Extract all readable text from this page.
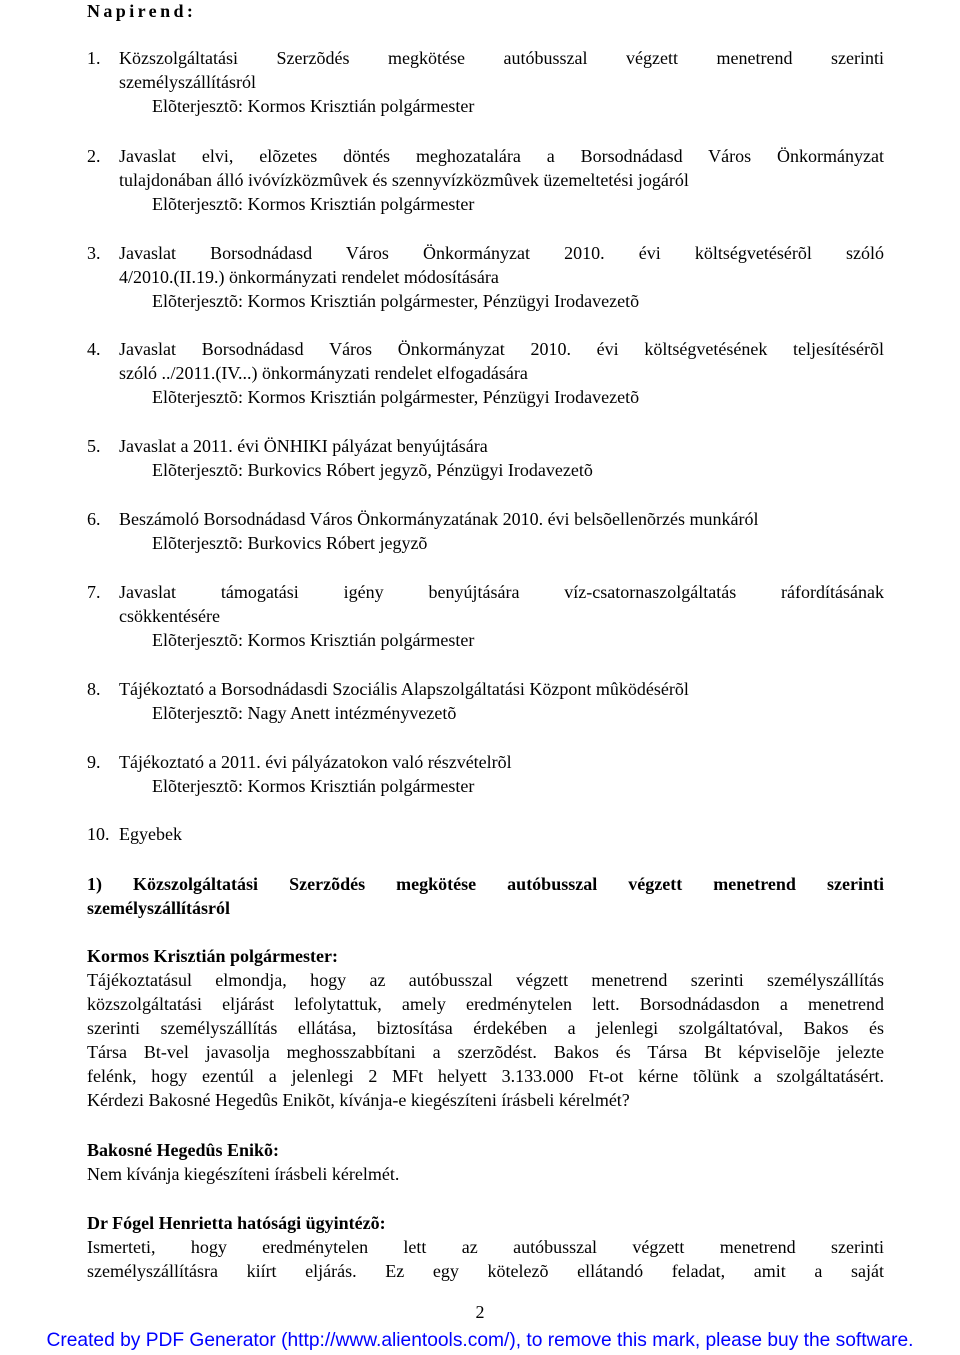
Napirend:
1. Közszolgáltatási Szerzõdés megkötése autóbusszal végzett menetrend szerinti
személyszállításról
Elõterjesztõ: Kormos Krisztián polgármester
2. Javaslat elvi, elõzetes döntés meghozatalára a Borsodnádasd Város Önkormányzat
tulajdonában álló ivóvízközmûvek és szennyvízközmûvek üzemeltetési jogáról
Elõterjesztõ: Kormos Krisztián polgármester
3. Javaslat Borsodnádasd Város Önkormányzat 2010. évi költségvetésérõl szóló
4/2010.(II.19.) önkormányzati rendelet módosítására
Elõterjesztõ: Kormos Krisztián polgármester, Pénzügyi Irodavezetõ
4. Javaslat Borsodnádasd Város Önkormányzat 2010. évi költségvetésének teljesítésérõl
szóló ../2011.(IV...) önkormányzati rendelet elfogadására
Elõterjesztõ: Kormos Krisztián polgármester, Pénzügyi Irodavezetõ
5. Javaslat a 2011. évi ÖNHIKI pályázat benyújtására
Elõterjesztõ: Burkovics Róbert jegyzõ, Pénzügyi Irodavezetõ
6. Beszámoló Borsodnádasd Város Önkormányzatának 2010. évi belsõellenõrzés munkáról
Elõterjesztõ: Burkovics Róbert jegyzõ
7. Javaslat támogatási igény benyújtására víz-csatornaszolgáltatás ráfordításának
csökkentésére
Elõterjesztõ: Kormos Krisztián polgármester
8. Tájékoztató a Borsodnádasdi Szociális Alapszolgáltatási Központ mûködésérõl
Elõterjesztõ: Nagy Anett intézményvezetõ
9. Tájékoztató a 2011. évi pályázatokon való részvételrõl
Elõterjesztõ: Kormos Krisztián polgármester
10. Egyebek
1) Közszolgáltatási Szerzõdés megkötése autóbusszal végzett menetrend szerinti
személyszállításról
Kormos Krisztián polgármester:
Tájékoztatásul elmondja, hogy az autóbusszal végzett menetrend szerinti személyszállítás
közszolgáltatási eljárást lefolytattuk, amely eredménytelen lett. Borsodnádasdon a menetrend
szerinti személyszállítás ellátása, biztosítása érdekében a jelenlegi szolgáltatóval, Bakos és
Társa Bt-vel javasolja meghosszabbítani a szerzõdést. Bakos és Társa Bt képviselõje jelezte
felénk, hogy ezentúl a jelenlegi 2 MFt helyett 3.133.000 Ft-ot kérne tõlünk a szolgáltatásért.
Kérdezi Bakosné Hegedûs Enikõt, kívánja-e kiegészíteni írásbeli kérelmét?
Bakosné Hegedûs Enikõ:
Nem kívánja kiegészíteni írásbeli kérelmét.
Dr Fógel Henrietta hatósági ügyintézõ:
Ismerteti, hogy eredménytelen lett az autóbusszal végzett menetrend szerinti
személyszállításra kiírt eljárás. Ez egy kötelezõ ellátandó feladat, amit a saját
2
Created by PDF Generator (http://www.alientools.com/), to remove this mark, please buy the software.
